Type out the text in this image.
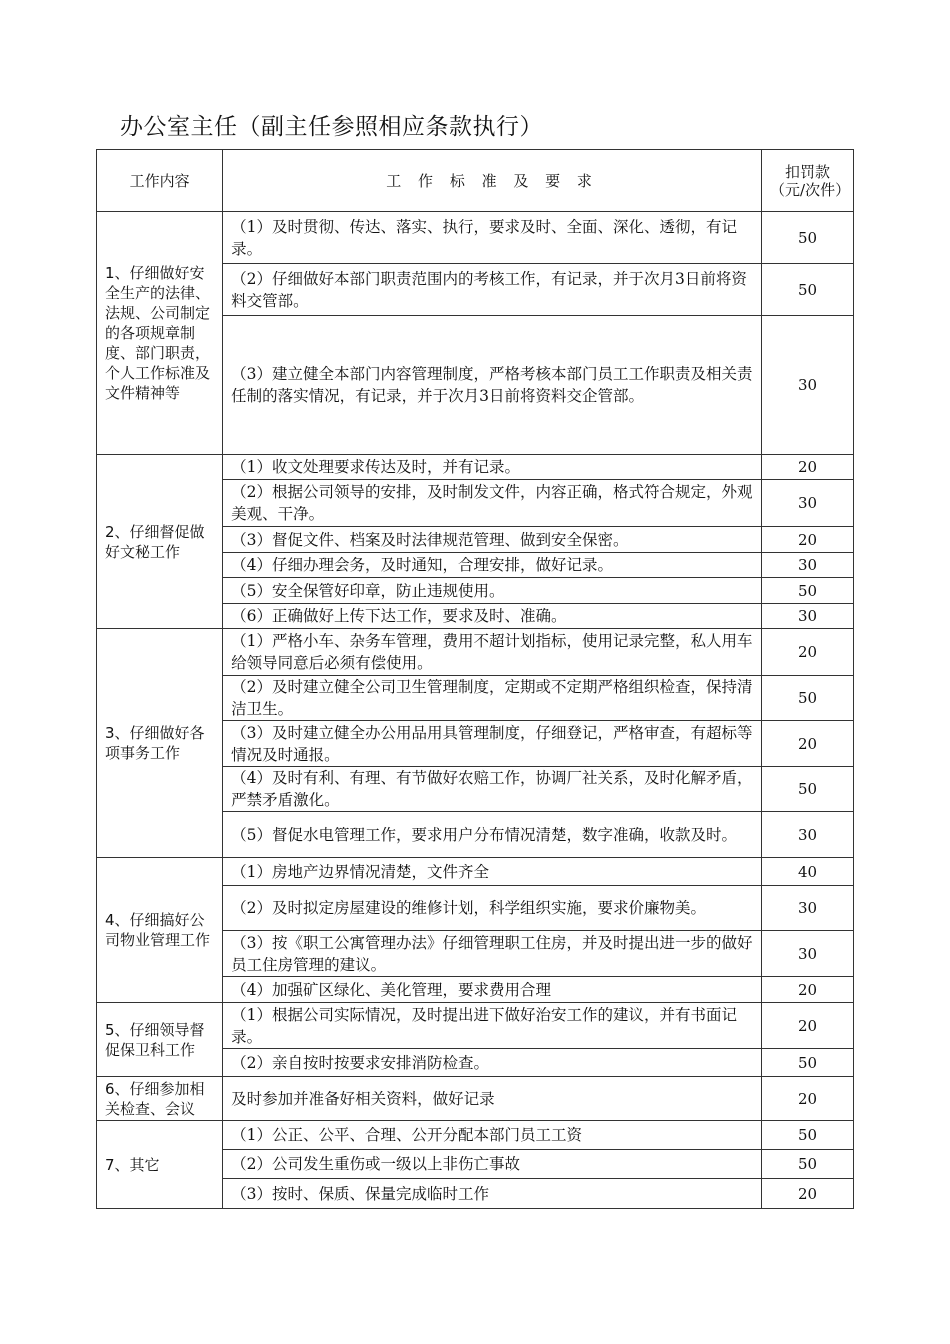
办公室主任（副主任参照相应条款执行）
工作内容	工 作 标 准 及 要 求	扣罚款（元/次件）
1、仔细做好安全生产的法律、法规、公司制定的各项规章制度、部门职责，个人工作标准及文件精神等	（1）及时贯彻、传达、落实、执行，要求及时、全面、深化、透彻，有记录。	50
	（2）仔细做好本部门职责范围内的考核工作，有记录，并于次月3日前将资料交管部。	50
	（3）建立健全本部门内容管理制度，严格考核本部门员工工作职责及相关责任制的落实情况，有记录，并于次月3日前将资料交企管部。	30
2、仔细督促做好文秘工作	（1）收文处理要求传达及时，并有记录。	20
	（2）根据公司领导的安排，及时制发文件，内容正确，格式符合规定，外观美观、干净。	30
	（3）督促文件、档案及时法律规范管理、做到安全保密。	20
	（4）仔细办理会务，及时通知，合理安排，做好记录。	30
	（5）安全保管好印章，防止违规使用。	50
	（6）正确做好上传下达工作，要求及时、准确。	30
3、仔细做好各项事务工作	（1）严格小车、杂务车管理，费用不超计划指标，使用记录完整，私人用车给领导同意后必须有偿使用。	20
	（2）及时建立健全公司卫生管理制度，定期或不定期严格组织检查，保持清洁卫生。	50
	（3）及时建立健全办公用品用具管理制度，仔细登记，严格审查，有超标等情况及时通报。	20
	（4）及时有利、有理、有节做好农赔工作，协调厂社关系，及时化解矛盾，严禁矛盾激化。	50
	（5）督促水电管理工作，要求用户分布情况清楚，数字准确，收款及时。	30
4、仔细搞好公司物业管理工作	（1）房地产边界情况清楚，文件齐全	40
	（2）及时拟定房屋建设的维修计划，科学组织实施，要求价廉物美。	30
	（3）按《职工公寓管理办法》仔细管理职工住房，并及时提出进一步的做好员工住房管理的建议。	30
	（4）加强矿区绿化、美化管理，要求费用合理	20
5、仔细领导督促保卫科工作	（1）根据公司实际情况，及时提出进下做好治安工作的建议，并有书面记录。	20
	（2）亲自按时按要求安排消防检查。	50
6、仔细参加相关检查、会议	及时参加并准备好相关资料，做好记录	20
7、其它	（1）公正、公平、合理、公开分配本部门员工工资	50
	（2）公司发生重伤或一级以上非伤亡事故	50
	（3）按时、保质、保量完成临时工作	20
